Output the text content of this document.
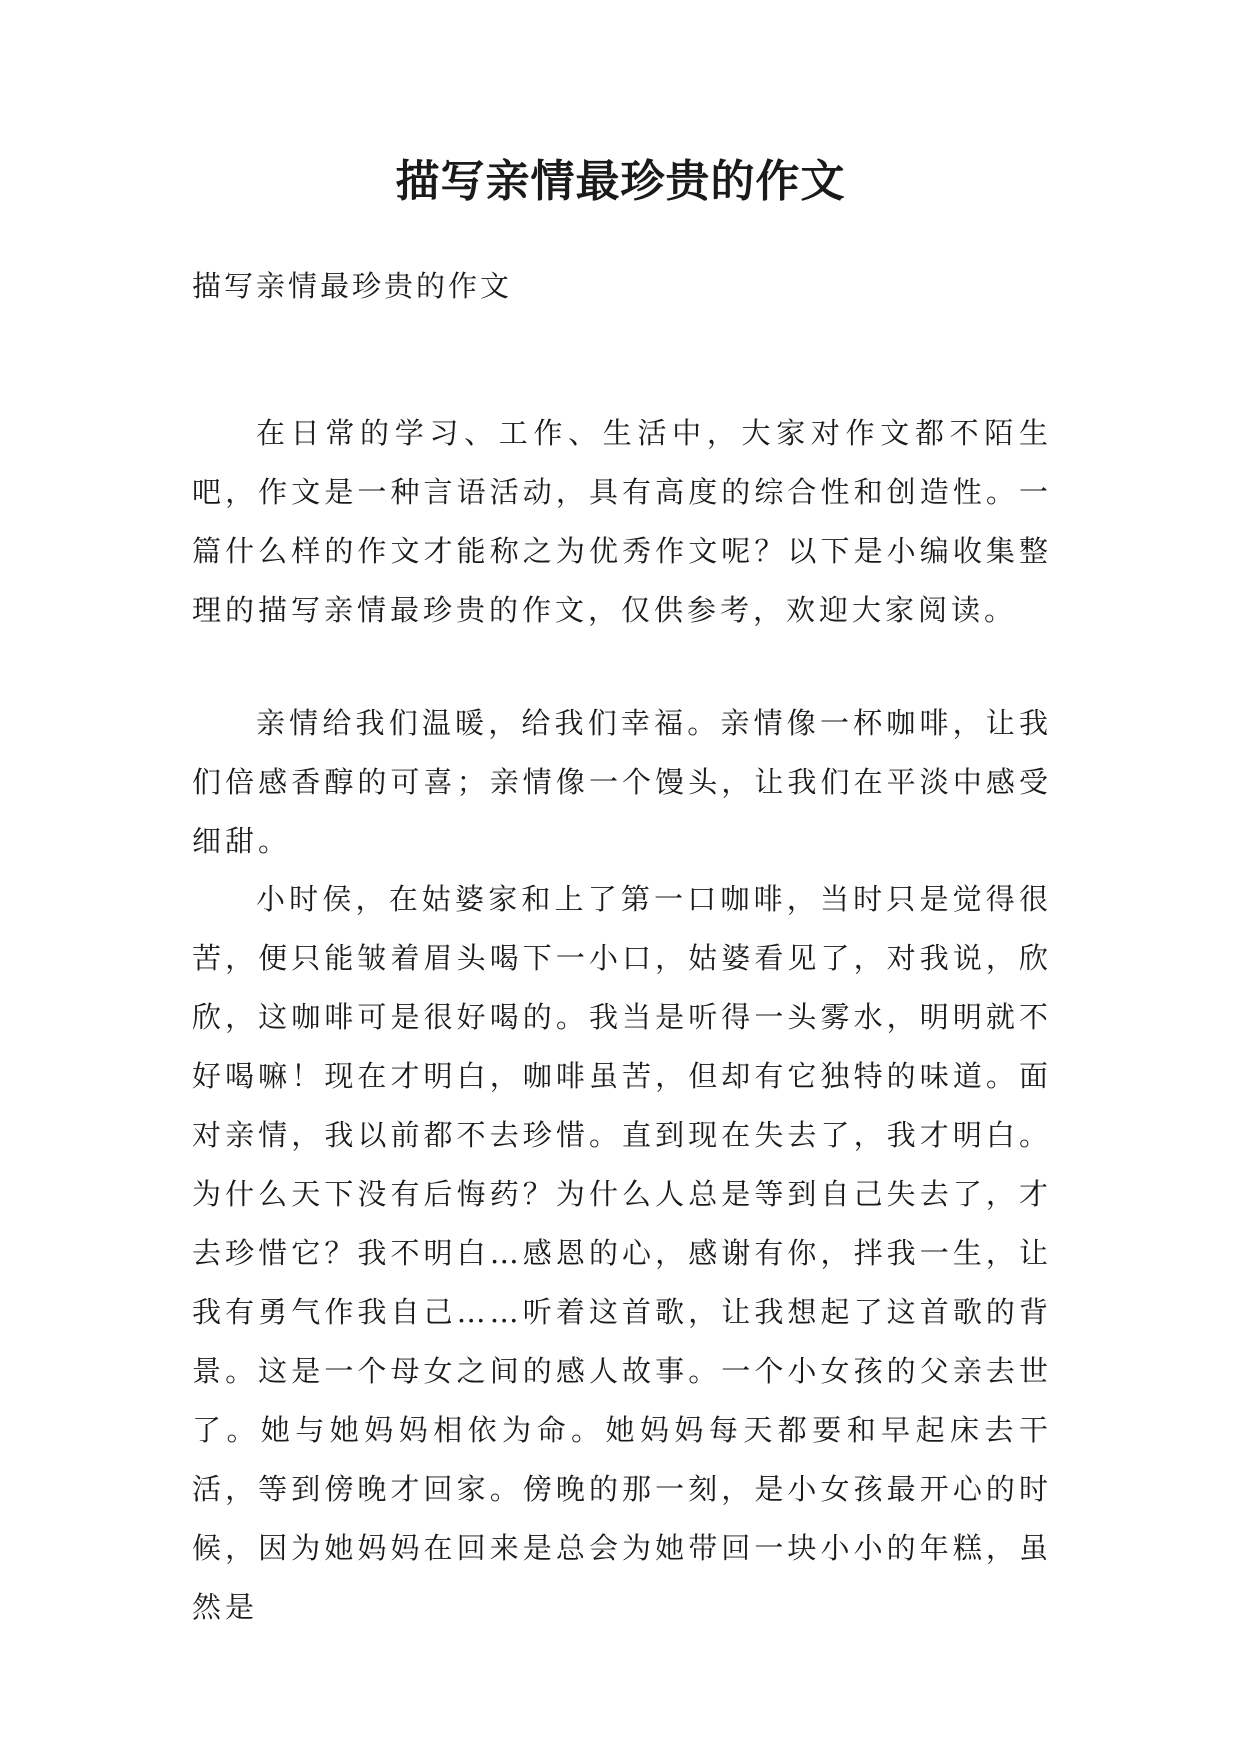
描写亲情最珍贵的作文

描写亲情最珍贵的作文

在日常的学习、工作、生活中，大家对作文都不陌生吧，作文是一种言语活动，具有高度的综合性和创造性。一篇什么样的作文才能称之为优秀作文呢？以下是小编收集整理的描写亲情最珍贵的作文，仅供参考，欢迎大家阅读。

亲情给我们温暖，给我们幸福。亲情像一杯咖啡，让我们倍感香醇的可喜；亲情像一个馒头，让我们在平淡中感受细甜。

小时侯，在姑婆家和上了第一口咖啡，当时只是觉得很苦，便只能皱着眉头喝下一小口，姑婆看见了，对我说，欣欣，这咖啡可是很好喝的。我当是听得一头雾水，明明就不好喝嘛！现在才明白，咖啡虽苦，但却有它独特的味道。面对亲情，我以前都不去珍惜。直到现在失去了，我才明白。为什么天下没有后悔药？为什么人总是等到自己失去了，才去珍惜它？我不明白…感恩的心，感谢有你，拌我一生，让我有勇气作我自己……听着这首歌，让我想起了这首歌的背景。这是一个母女之间的感人故事。一个小女孩的父亲去世了。她与她妈妈相依为命。她妈妈每天都要和早起床去干活，等到傍晚才回家。傍晚的那一刻，是小女孩最开心的时候，因为她妈妈在回来是总会为她带回一块小小的年糕，虽然是
